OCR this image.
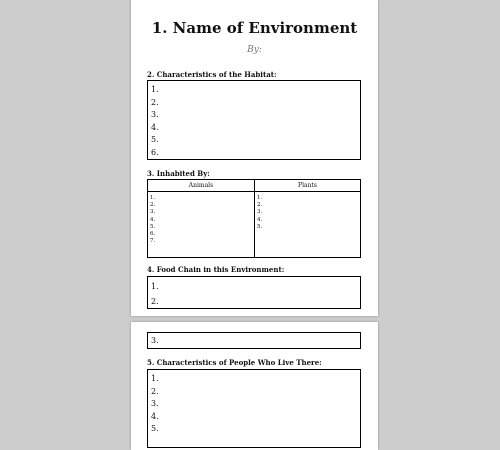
1. Name of Environment
By:
2. Characteristics of the Habitat:
1.
2.
3.
4.
5.
6.
3. Inhabited By:
Animals	Plants
1.
2.
3.
4.
5.
6.
7.
1.
2.
3.
4.
5.
4. Food Chain in this Environment:
1.
2.
3.
5. Characteristics of People Who Live There:
1.
2.
3.
4.
5.
